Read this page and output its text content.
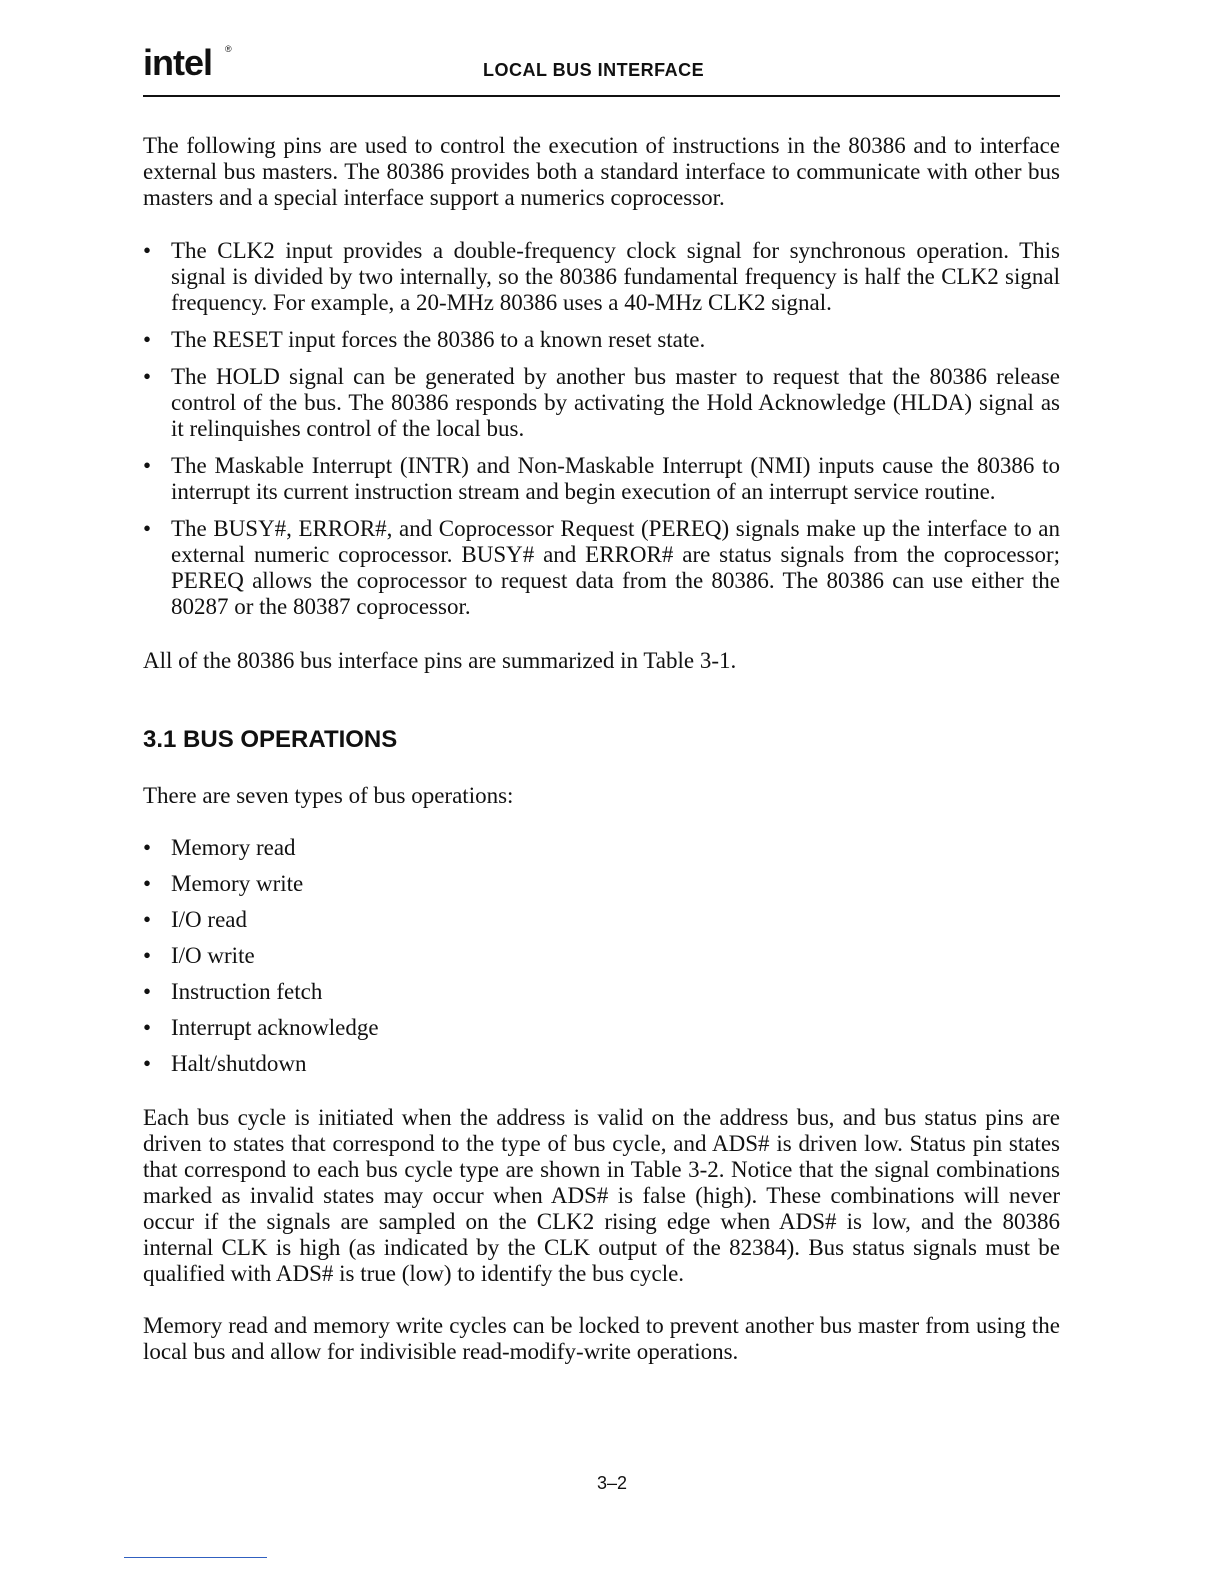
intel ®
LOCAL BUS INTERFACE

The following pins are used to control the execution of instructions in the 80386 and to interface external bus masters. The 80386 provides both a standard interface to communicate with other bus masters and a special interface support a numerics coprocessor.

• The CLK2 input provides a double-frequency clock signal for synchronous operation. This signal is divided by two internally, so the 80386 fundamental frequency is half the CLK2 signal frequency. For example, a 20-MHz 80386 uses a 40-MHz CLK2 signal.
• The RESET input forces the 80386 to a known reset state.
• The HOLD signal can be generated by another bus master to request that the 80386 release control of the bus. The 80386 responds by activating the Hold Acknowledge (HLDA) signal as it relinquishes control of the local bus.
• The Maskable Interrupt (INTR) and Non-Maskable Interrupt (NMI) inputs cause the 80386 to interrupt its current instruction stream and begin execution of an interrupt service routine.
• The BUSY#, ERROR#, and Coprocessor Request (PEREQ) signals make up the interface to an external numeric coprocessor. BUSY# and ERROR# are status signals from the coprocessor; PEREQ allows the coprocessor to request data from the 80386. The 80386 can use either the 80287 or the 80387 coprocessor.

All of the 80386 bus interface pins are summarized in Table 3-1.

3.1 BUS OPERATIONS

There are seven types of bus operations:

• Memory read
• Memory write
• I/O read
• I/O write
• Instruction fetch
• Interrupt acknowledge
• Halt/shutdown

Each bus cycle is initiated when the address is valid on the address bus, and bus status pins are driven to states that correspond to the type of bus cycle, and ADS# is driven low. Status pin states that correspond to each bus cycle type are shown in Table 3-2. Notice that the signal combinations marked as invalid states may occur when ADS# is false (high). These combinations will never occur if the signals are sampled on the CLK2 rising edge when ADS# is low, and the 80386 internal CLK is high (as indicated by the CLK output of the 82384). Bus status signals must be qualified with ADS# is true (low) to identify the bus cycle.

Memory read and memory write cycles can be locked to prevent another bus master from using the local bus and allow for indivisible read-modify-write operations.

3–2
